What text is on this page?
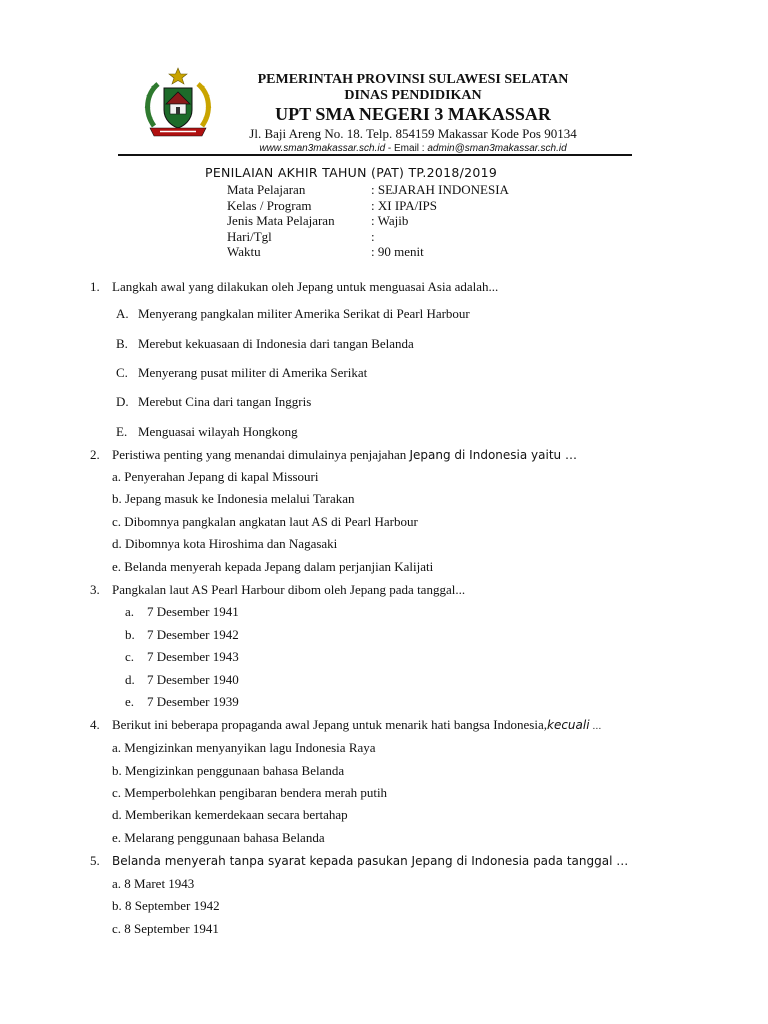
PEMERINTAH PROVINSI SULAWESI SELATAN
DINAS PENDIDIKAN
UPT SMA NEGERI 3 MAKASSAR
Jl. Baji Areng No. 18. Telp. 854159 Makassar Kode Pos 90134
www.sman3makassar.sch.id - Email : admin@sman3makassar.sch.id
PENILAIAN AKHIR TAHUN (PAT) TP.2018/2019
Mata Pelajaran	: SEJARAH INDONESIA
Kelas / Program	: XI IPA/IPS
Jenis Mata Pelajaran	: Wajib
Hari/Tgl	:
Waktu	: 90 menit
1. Langkah awal yang dilakukan oleh Jepang untuk menguasai Asia adalah...
A. Menyerang pangkalan militer Amerika Serikat di Pearl Harbour
B. Merebut kekuasaan di Indonesia dari tangan Belanda
C. Menyerang pusat militer di Amerika Serikat
D. Merebut Cina dari tangan Inggris
E. Menguasai wilayah Hongkong
2. Peristiwa penting yang menandai dimulainya penjajahan Jepang di Indonesia yaitu …
a. Penyerahan Jepang di kapal Missouri
b. Jepang masuk ke Indonesia melalui Tarakan
c. Dibomnya pangkalan angkatan laut AS di Pearl Harbour
d. Dibomnya kota Hiroshima dan Nagasaki
e. Belanda menyerah kepada Jepang dalam perjanjian Kalijati
3. Pangkalan laut AS Pearl Harbour dibom oleh Jepang pada tanggal...
a. 7 Desember 1941
b. 7 Desember 1942
c. 7 Desember 1943
d. 7 Desember 1940
e. 7 Desember 1939
4. Berikut ini beberapa propaganda awal Jepang untuk menarik hati bangsa Indonesia,kecuali …
a. Mengizinkan menyanyikan lagu Indonesia Raya
b. Mengizinkan penggunaan bahasa Belanda
c. Memperbolehkan pengibaran bendera merah putih
d. Memberikan kemerdekaan secara bertahap
e. Melarang penggunaan bahasa Belanda
5. Belanda menyerah tanpa syarat kepada pasukan Jepang di Indonesia pada tanggal …
a. 8 Maret 1943
b. 8 September 1942
c. 8 September 1941
